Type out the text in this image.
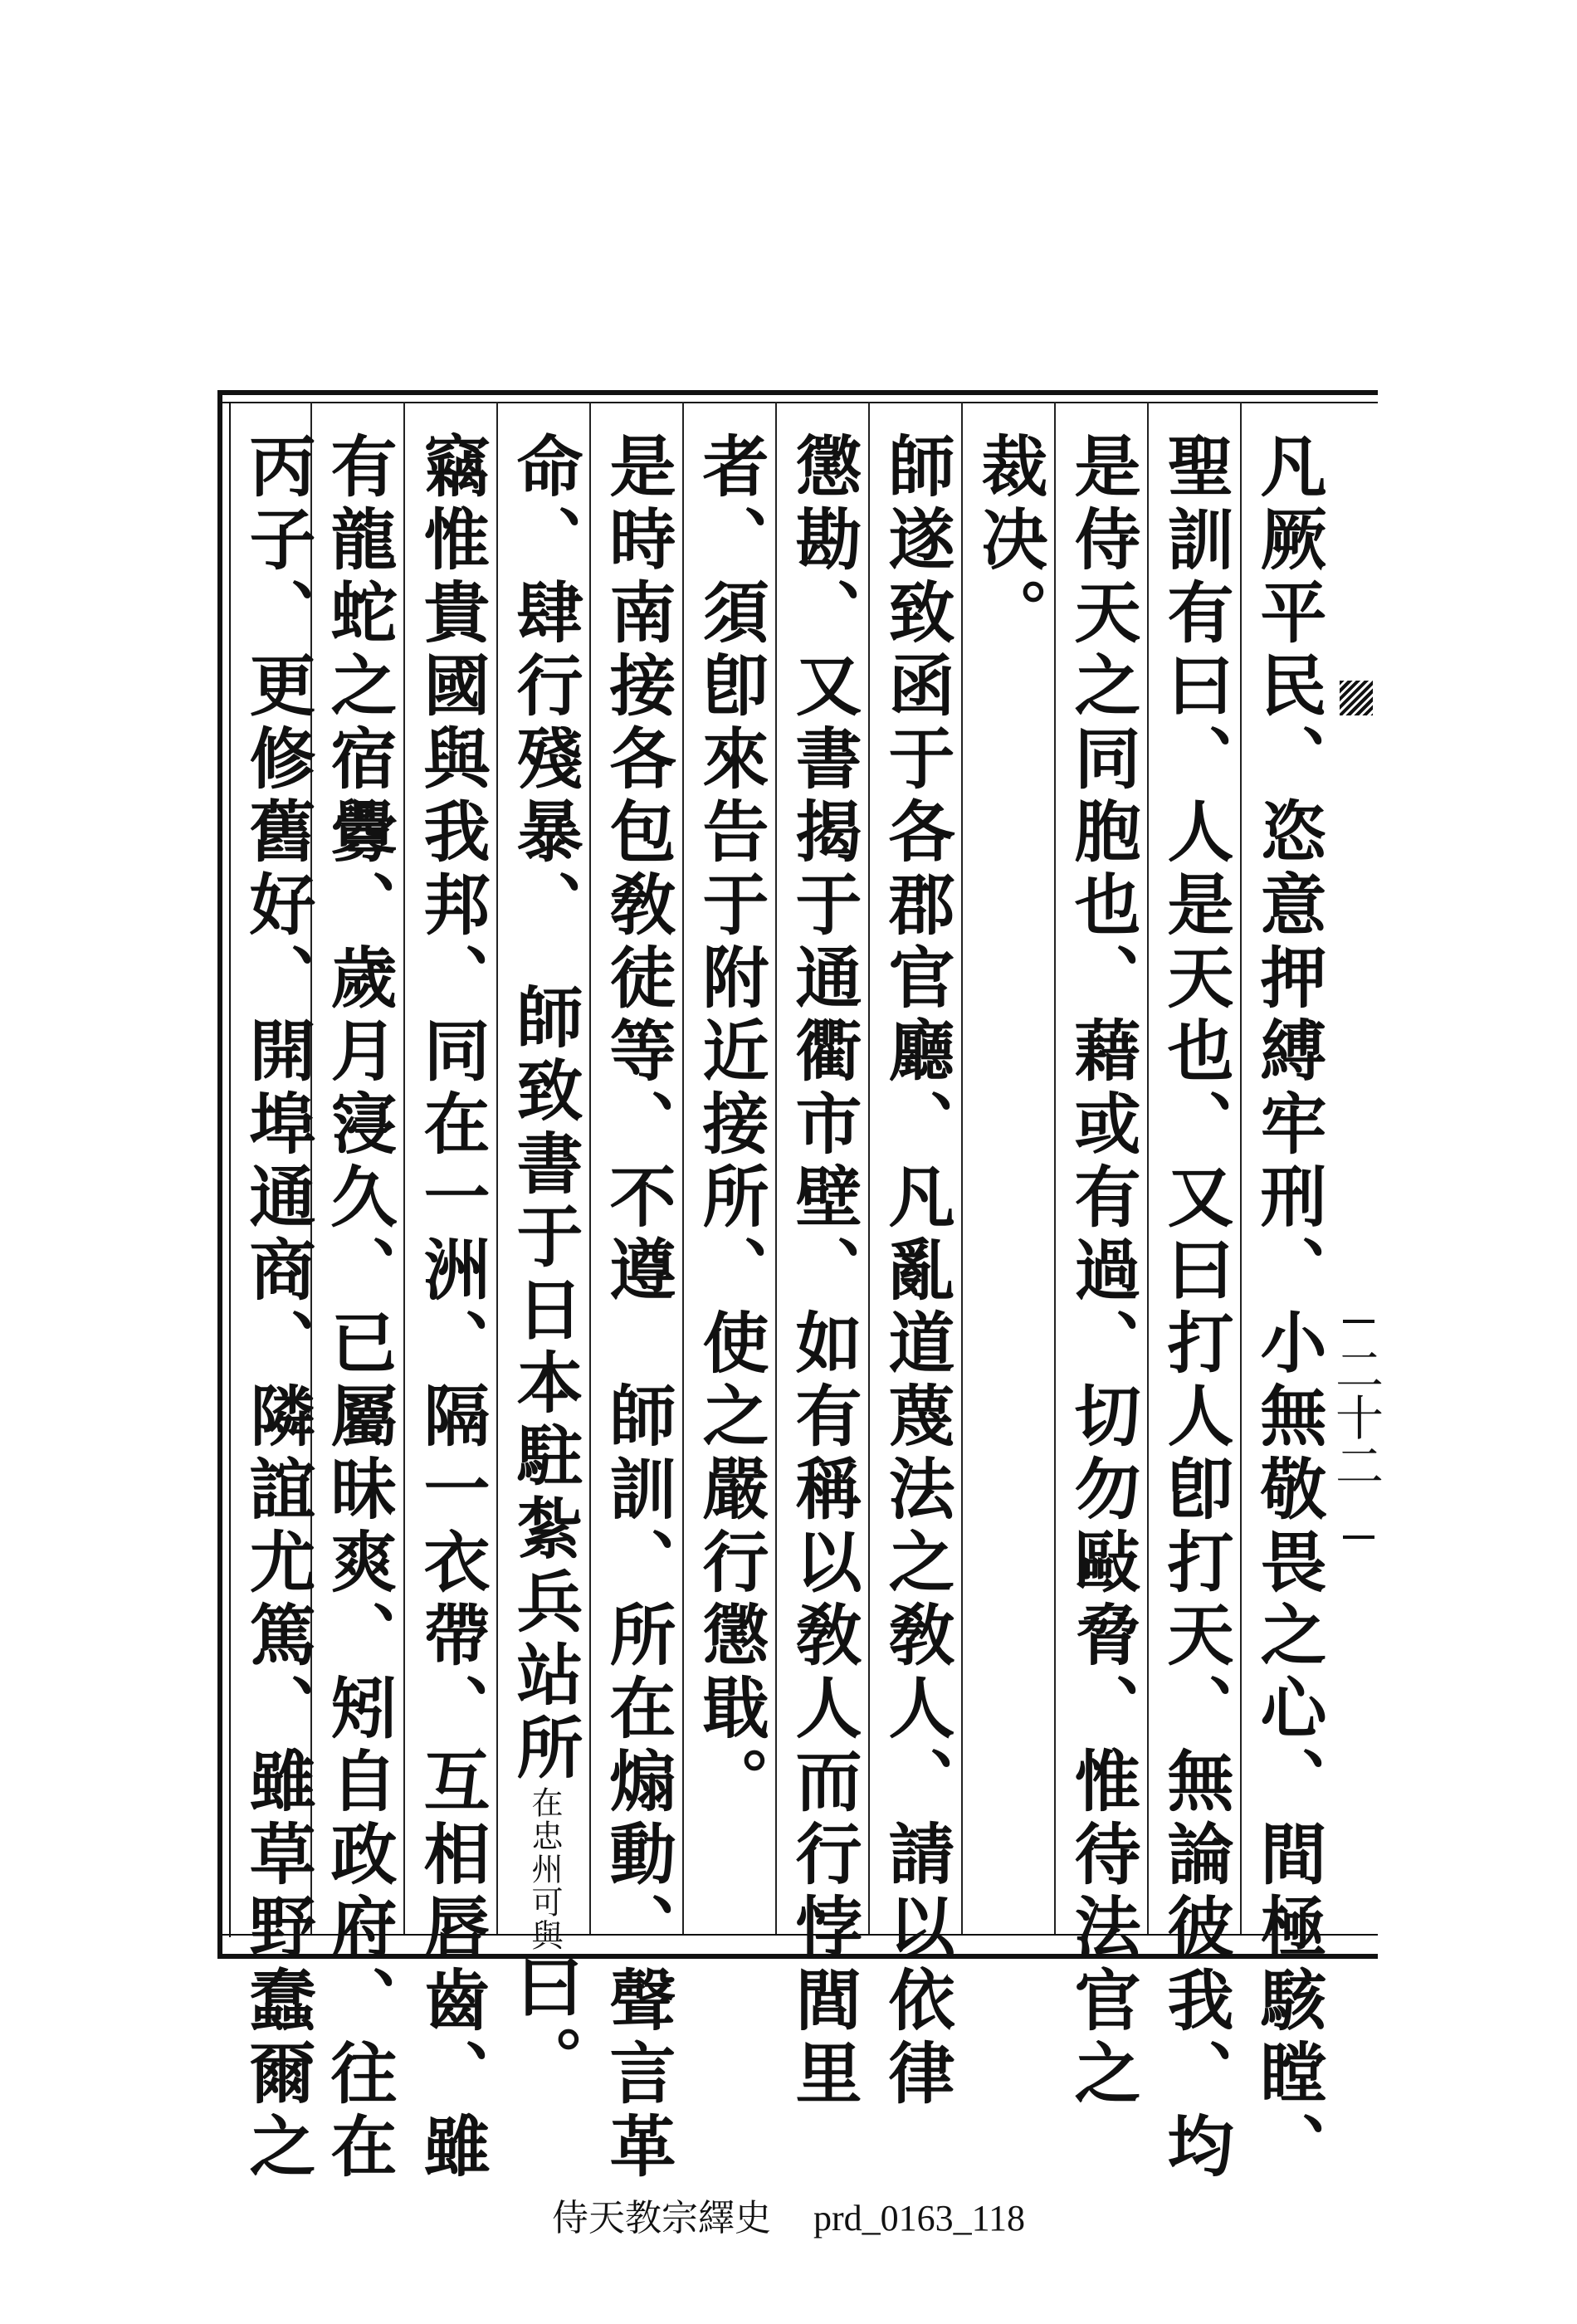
二十二
凡厥平民、恣意押縛牢刑、小無敬畏之心、間極駭瞠、
聖訓有曰、人是天也、又曰打人卽打天、無論彼我、均
是侍天之同胞也、藉或有過、切勿敺脅、惟待法官之
裁决。
師遂致函于各郡官廳、凡亂道蔑法之敎人、請以依律
懲勘、又書揭于通衢市壁、如有稱以敎人而行悖閭里
者、須卽來告于附近接所、使之嚴行懲戢。
是時南接各包敎徒等、不遵　師訓、所在煽動、聲言革
命、肆行殘暴、　師致書于日本駐紮兵站所在忠州可與曰。
竊惟貴國與我邦、同在一洲、隔一衣帶、互相唇齒、雖
有龍蛇之宿釁、歲月寖久、已屬昧爽、矧自政府、往在
丙子、更修舊好、開埠通商、隣誼尤篤、雖草野蠢爾之
侍天教宗繹史 prd_0163_118
